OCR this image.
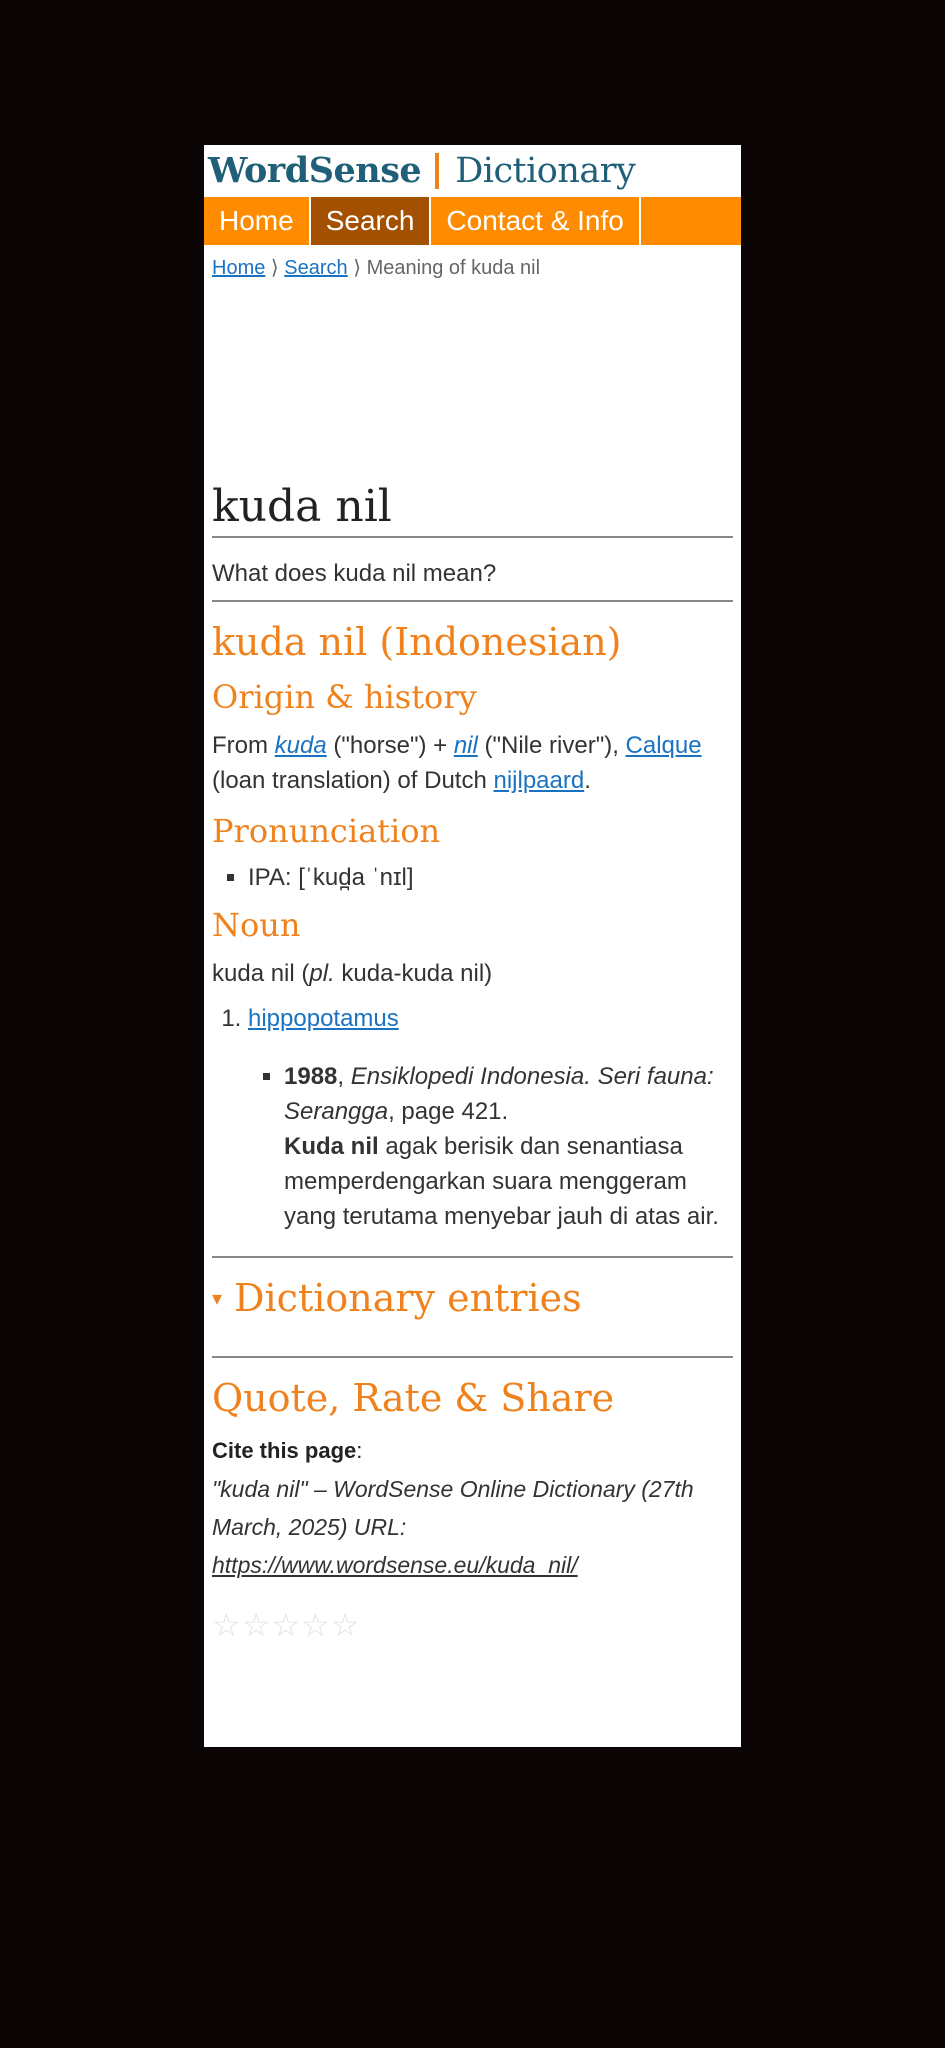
WordSense Dictionary
Home	Search	Contact & Info
Home ⟩ Search ⟩ Meaning of kuda nil
kuda nil

What does kuda nil mean?

kuda nil (Indonesian)
Origin & history

From kuda ("horse") + nil ("Nile river"), Calque (loan translation) of Dutch nijlpaard.

Pronunciation
▪ IPA: [ˈkud̪a ˈnɪl]
Noun

kuda nil (pl. kuda-kuda nil)

1. hippopotamus
▪ 1988, Ensiklopedi Indonesia. Seri fauna: Serangga, page 421.
Kuda nil agak berisik dan senantiasa memperdengarkan suara menggeram yang terutama menyebar jauh di atas air.
▾ Dictionary entries
Quote, Rate & Share

Cite this page:

"kuda nil" – WordSense Online Dictionary (27th March, 2025) URL: https://www.wordsense.eu/kuda_nil/

☆☆☆☆☆
